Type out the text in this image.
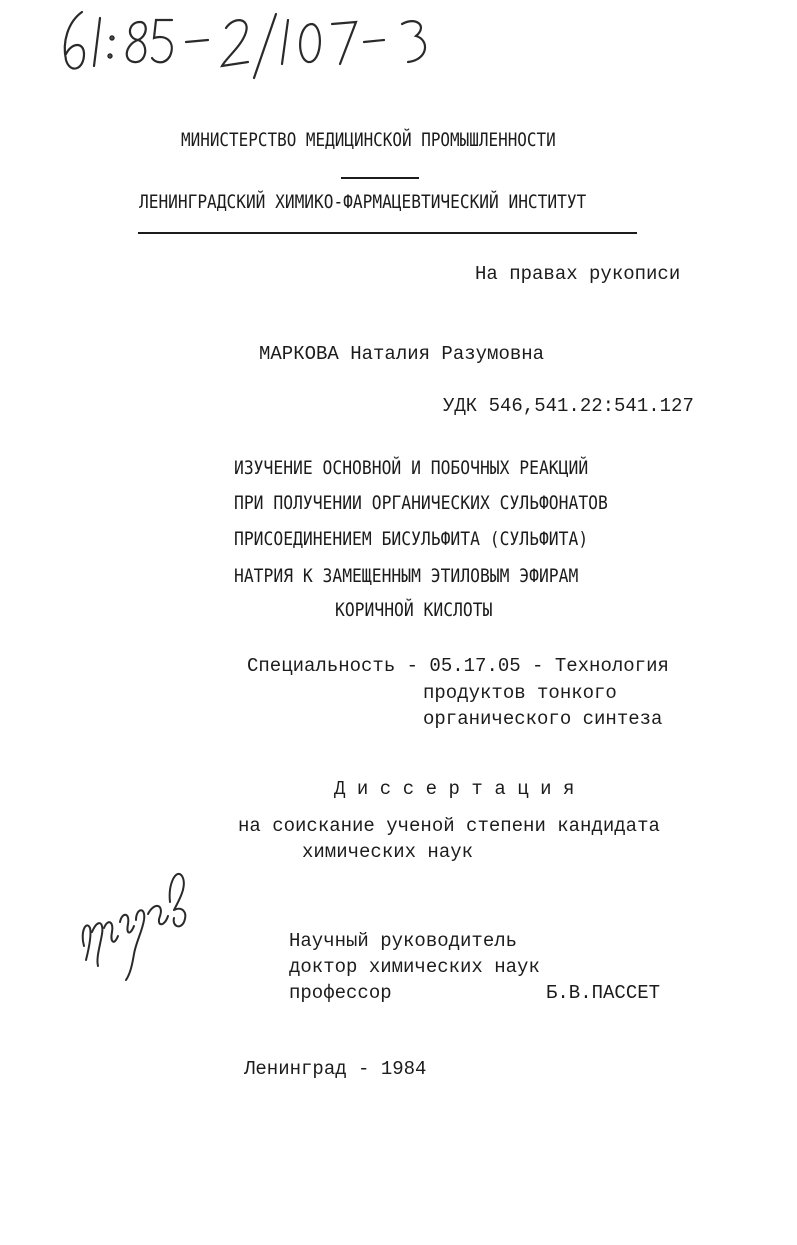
МИНИСТЕРСТВО МЕДИЦИНСКОЙ ПРОМЫШЛЕННОСТИ
ЛЕНИНГРАДСКИЙ ХИМИКО-ФАРМАЦЕВТИЧЕСКИЙ ИНСТИТУТ
На правах рукописи
МАРКОВА Наталия Разумовна
УДК 546,541.22:541.127
ИЗУЧЕНИЕ ОСНОВНОЙ И ПОБОЧНЫХ РЕАКЦИЙ
ПРИ ПОЛУЧЕНИИ ОРГАНИЧЕСКИХ СУЛЬФОНАТОВ
ПРИСОЕДИНЕНИЕМ БИСУЛЬФИТА (СУЛЬФИТА)
НАТРИЯ К ЗАМЕЩЕННЫМ ЭТИЛОВЫМ ЭФИРАМ
КОРИЧНОЙ КИСЛОТЫ
Специальность - 05.17.05 - Технология
продуктов тонкого
органического синтеза
Диссертация
на соискание ученой степени кандидата
химических наук
Научный руководитель
доктор химических наук
профессор	Б.В.ПАССЕТ
Ленинград - 1984
